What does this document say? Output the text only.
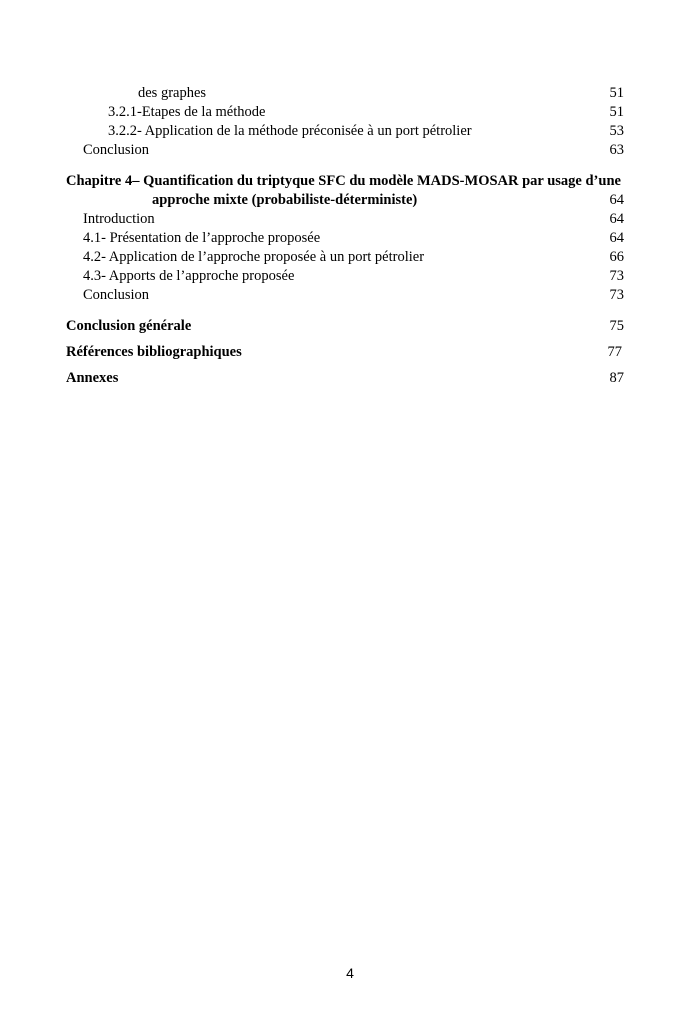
des graphes	51
3.2.1-Etapes de la méthode	51
3.2.2- Application de la méthode préconisée à un port pétrolier	53
Conclusion	63
Chapitre 4– Quantification du triptyque SFC du modèle MADS-MOSAR par usage d’une
approche mixte (probabiliste-déterministe)	64
Introduction	64
4.1- Présentation de l’approche proposée	64
4.2- Application de l’approche proposée à un port pétrolier	66
4.3- Apports de l’approche proposée	73
Conclusion	73
Conclusion générale	75
Références bibliographiques	77
Annexes	87
4
